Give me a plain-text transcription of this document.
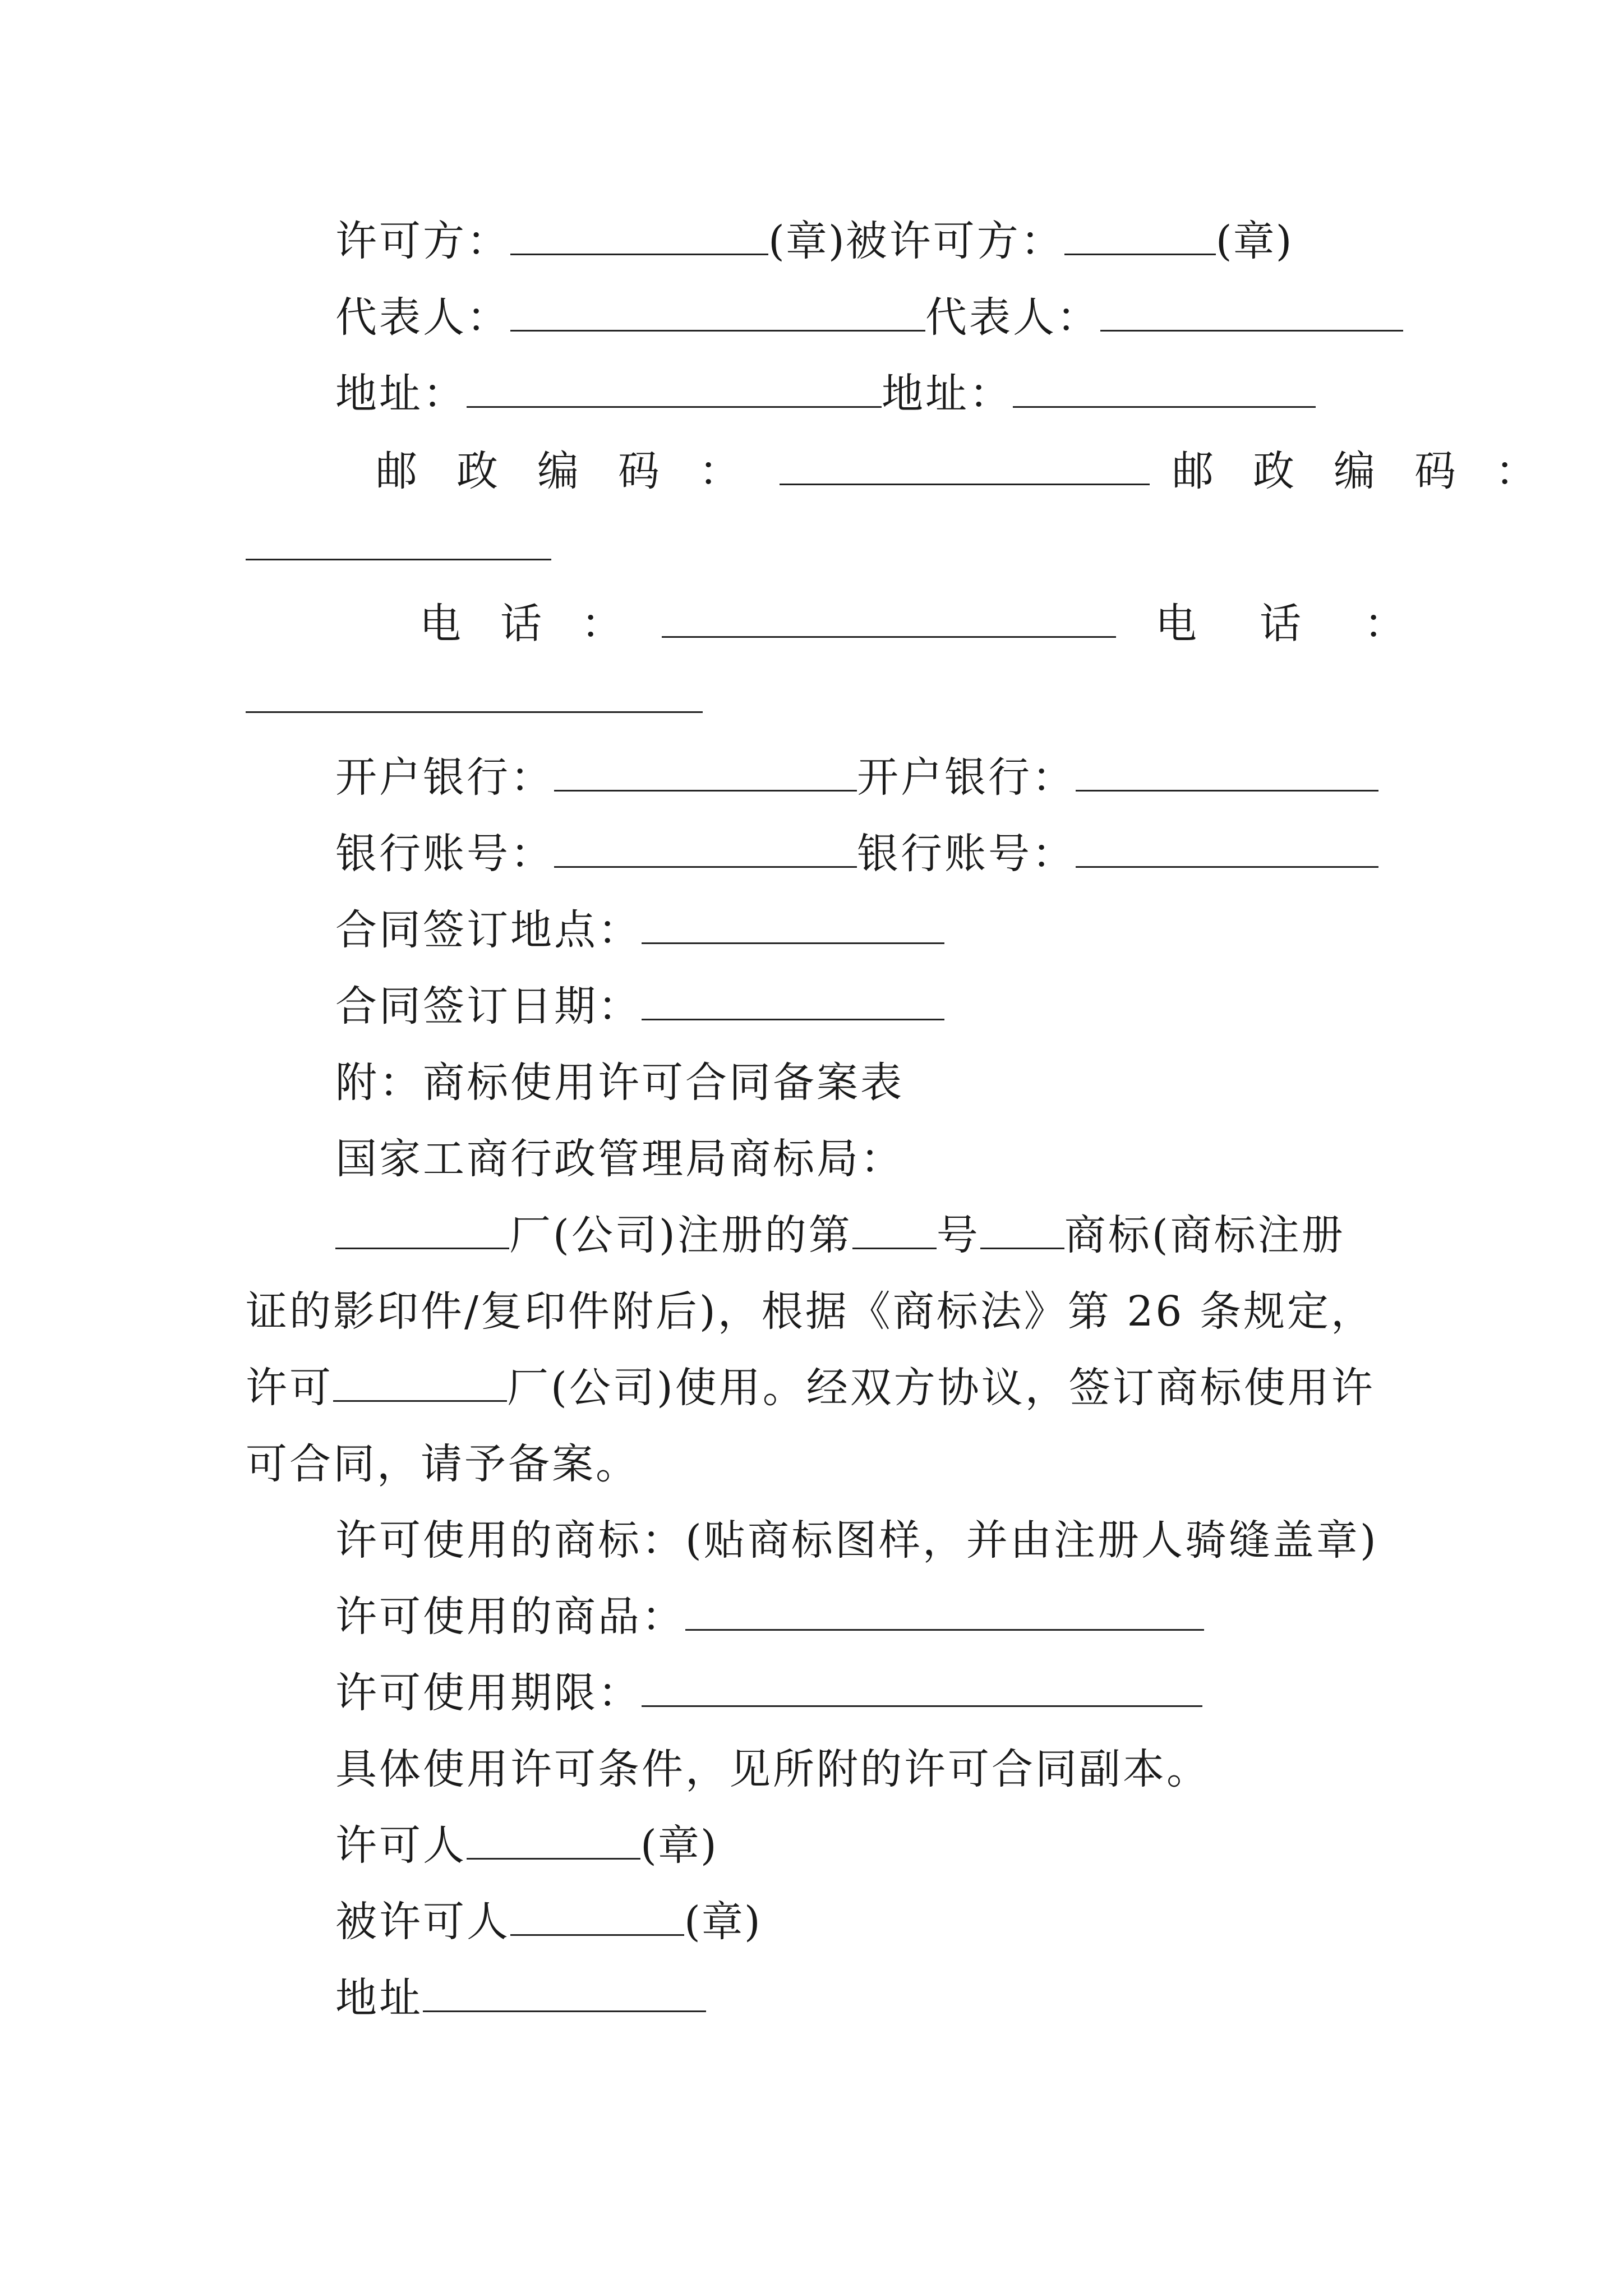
许可方：	(章)被许可方：	(章)
代表人：	代表人：
地址：	地址：
邮政编码：	邮政编码：
电话：	电话：
开户银行：	开户银行：
银行账号：	银行账号：
合同签订地点：
合同签订日期：
附：商标使用许可合同备案表
国家工商行政管理局商标局：
厂(公司)注册的第 号 商标(商标注册
证的影印件/复印件附后)，根据《商标法》第 26 条规定，
许可	厂(公司)使用。经双方协议，签订商标使用许
可合同，请予备案。
许可使用的商标：(贴商标图样，并由注册人骑缝盖章)
许可使用的商品：
许可使用期限：
具体使用许可条件，见所附的许可合同副本。
许可人	(章)
被许可人	(章)
地址
